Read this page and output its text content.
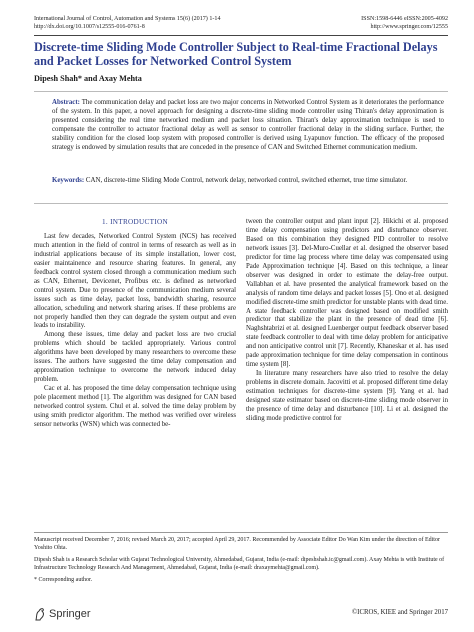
International Journal of Control, Automation and Systems 15(6) (2017) 1-14
http://dx.doi.org/10.1007/s12555-016-0761-8
ISSN:1598-6446 eISSN:2005-4092
http://www.springer.com/12555
Discrete-time Sliding Mode Controller Subject to Real-time Fractional Delays and Packet Losses for Networked Control System
Dipesh Shah* and Axay Mehta
Abstract: The communication delay and packet loss are two major concerns in Networked Control System as it deteriorates the performance of the system. In this paper, a novel approach for designing a discrete-time sliding mode controller using Thiran's delay approximation is presented considering the real time networked medium and packet loss situation. Thiran's delay approximation technique is used to compensate the controller to actuator fractional delay as well as sensor to controller fractional delay in the sliding surface. Further, the stability condition for the closed loop system with proposed controller is derived using Lyapunov function. The efficacy of the proposed strategy is endowed by simulation results that are conceded in the presence of CAN and Switched Ethernet communication medium.
Keywords: CAN, discrete-time Sliding Mode Control, network delay, networked control, switched ethernet, true time simulator.
1. INTRODUCTION

Last few decades, Networked Control System (NCS) has received much attention in the field of control in terms of research as well as in industrial applications because of its simple installation, lower cost, easier maintainence and resource sharing features. In general, any feedback control system closed through a communication medium such as CAN, Ethernet, Devicenet, Profibus etc. is defined as networked control system. Due to presence of the communication medium several issues such as time delay, packet loss, bandwidth sharing, resource allocation, scheduling and network sharing arises. If these problems are not properly handled then they can degrade the system output and even leads to instability.

Among these issues, time delay and packet loss are two crucial problems which should be tackled appropriately. Various control algorithms have been developed by many researchers to overcome these issues. The authors have suggested the time delay compensation and approximation technique to overcome the network induced delay problem.

Cac et al. has proposed the time delay compensation technique using pole placement method [1]. The algorithm was designed for CAN based networked control system. Chul et al. solved the time delay problem by using smith predictor algorithm. The method was verified over wireless sensor networks (WSN) which was connected be-

tween the controller output and plant input [2]. Hikichi et al. proposed time delay compensation using predictors and disturbance observer. Based on this combination they designed PID controller to resolve network issues [3]. Del-Muro-Cuellar et al. designed the observer based predictor for time lag process where time delay was compensated using Pade Approximation technique [4]. Based on this technique, a linear observer was designed in order to estimate the delay-free output. Vallabhan et al. have presented the analytical framework based on the analysis of random time delays and packet losses [5]. Ono et al. designed modified discrete-time smith predictor for unstable plants with dead time. A state feedback controller was designed based on modified smith predictor that stabilize the plant in the presence of dead time [6]. Naghshtabrizi et al. designed Luenberger output feedback observer based state feedback controller to deal with time delay problem for anticipative and non anticipative control unit [7]. Recently, Khaneskar et al. has used pade approximation technique for time delay compensation in continous time system [8].

In literature many researchers have also tried to resolve the delay problems in discrete domain. Jacovitti et al. proposed different time delay estimation techniques for discrete-time system [9]. Yang et al. had designed state estimator based on discrete-time sliding mode observer in the presence of time delay and disturbance [10]. Li et al. designed the sliding mode predictive control for

Manuscript received December 7, 2016; revised March 20, 2017; accepted April 29, 2017. Recommended by Associate Editor Do Wan Kim under the direction of Editor Yoshito Ohta.

Dipesh Shah is a Research Scholar with Gujarat Technological University, Ahmedabad, Gujarat, India (e-mail: dipeshshah.ic@gmail.com). Axay Mehta is with Institute of Infrastructure Technology Research And Management, Ahmedabad, Gujarat, India (e-mail: draxaymehta@gmail.com).

* Corresponding author.

Springer	©ICROS, KIEE and Springer 2017
